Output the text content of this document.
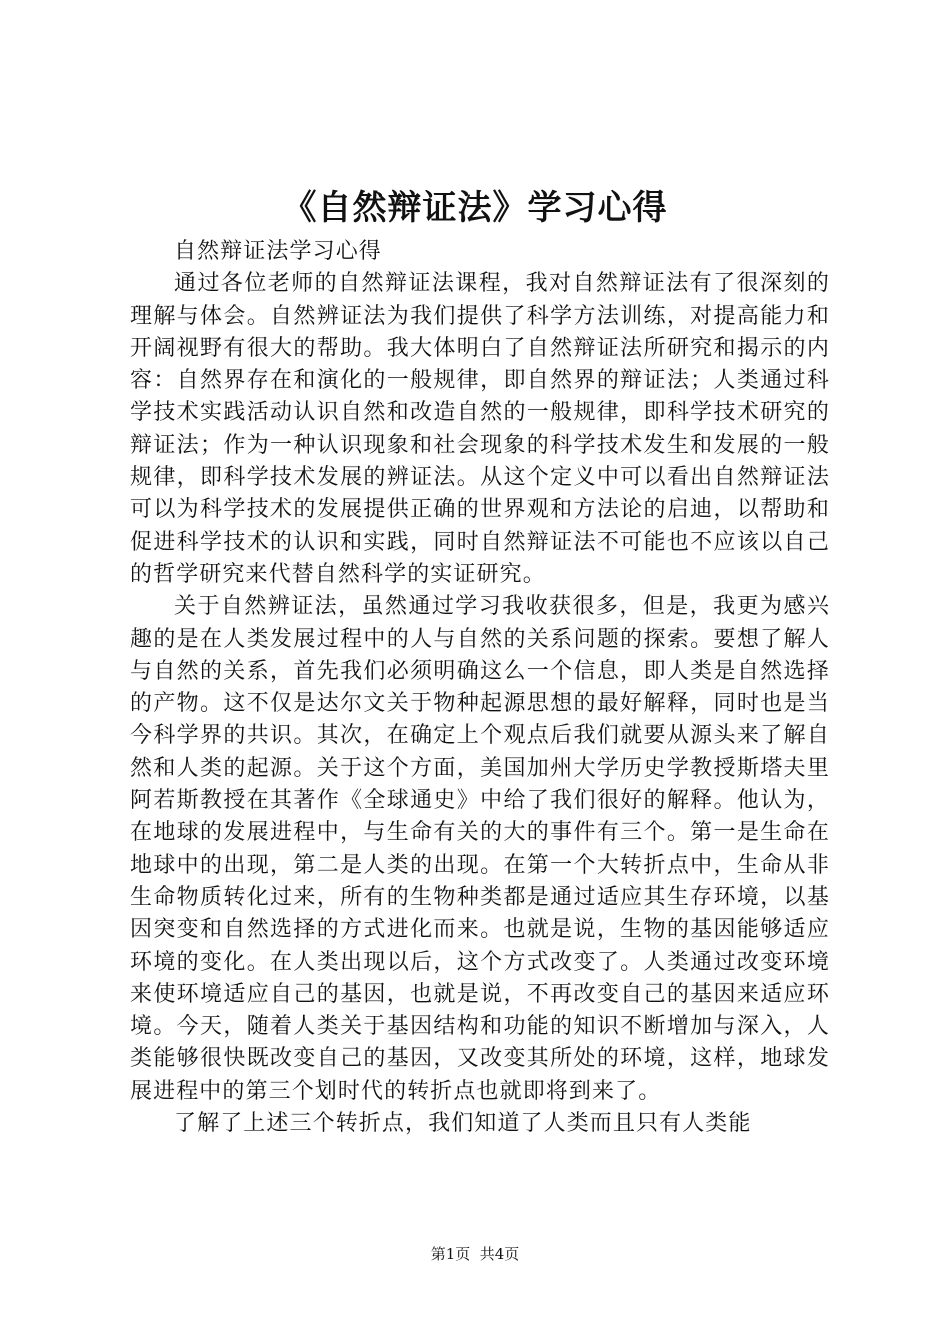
《自然辩证法》学习心得

自然辩证法学习心得

通过各位老师的自然辩证法课程，我对自然辩证法有了很深刻的理解与体会。自然辨证法为我们提供了科学方法训练，对提高能力和开阔视野有很大的帮助。我大体明白了自然辩证法所研究和揭示的内容：自然界存在和演化的一般规律，即自然界的辩证法；人类通过科学技术实践活动认识自然和改造自然的一般规律，即科学技术研究的辩证法；作为一种认识现象和社会现象的科学技术发生和发展的一般规律，即科学技术发展的辨证法。从这个定义中可以看出自然辩证法可以为科学技术的发展提供正确的世界观和方法论的启迪，以帮助和促进科学技术的认识和实践，同时自然辩证法不可能也不应该以自己的哲学研究来代替自然科学的实证研究。

关于自然辨证法，虽然通过学习我收获很多，但是，我更为感兴趣的是在人类发展过程中的人与自然的关系问题的探索。要想了解人与自然的关系，首先我们必须明确这么一个信息，即人类是自然选择的产物。这不仅是达尔文关于物种起源思想的最好解释，同时也是当今科学界的共识。其次，在确定上个观点后我们就要从源头来了解自然和人类的起源。关于这个方面，美国加州大学历史学教授斯塔夫里阿若斯教授在其著作《全球通史》中给了我们很好的解释。他认为，在地球的发展进程中，与生命有关的大的事件有三个。第一是生命在地球中的出现，第二是人类的出现。在第一个大转折点中，生命从非生命物质转化过来，所有的生物种类都是通过适应其生存环境，以基因突变和自然选择的方式进化而来。也就是说，生物的基因能够适应环境的变化。在人类出现以后，这个方式改变了。人类通过改变环境来使环境适应自己的基因，也就是说，不再改变自己的基因来适应环境。今天，随着人类关于基因结构和功能的知识不断增加与深入，人类能够很快既改变自己的基因，又改变其所处的环境，这样，地球发展进程中的第三个划时代的转折点也就即将到来了。

了解了上述三个转折点，我们知道了人类而且只有人类能

第1页  共4页
